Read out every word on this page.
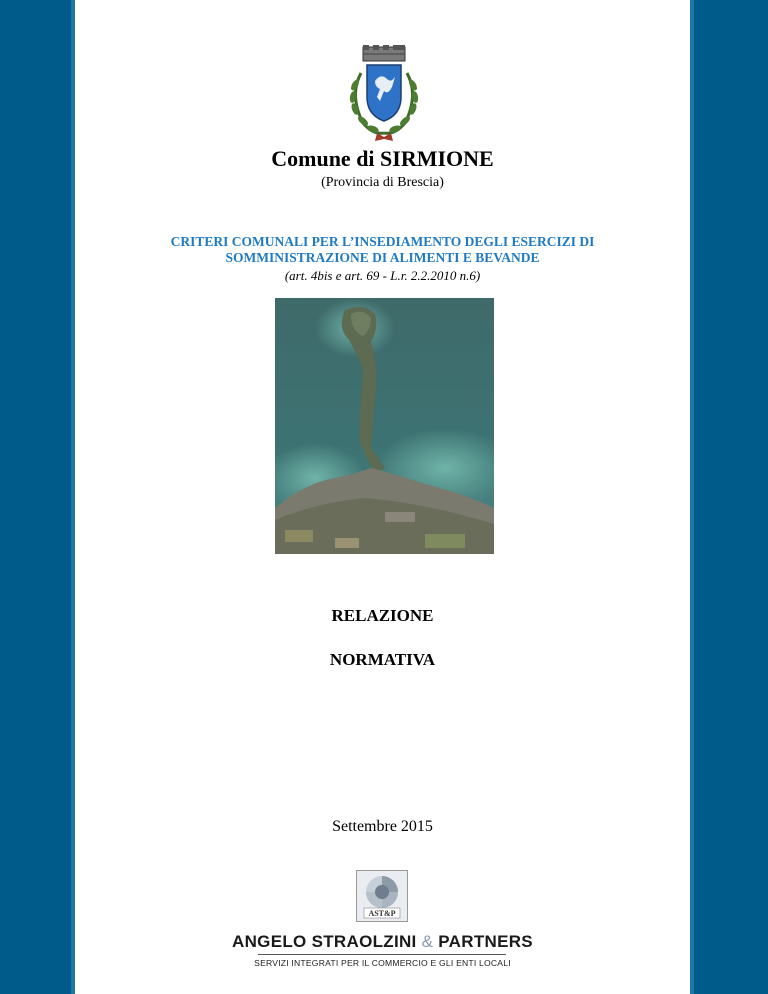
Comune di SIRMIONE
(Provincia di Brescia)
CRITERI COMUNALI PER L’INSEDIAMENTO DEGLI ESERCIZI DI
SOMMINISTRAZIONE DI ALIMENTI E BEVANDE
(art. 4bis e art. 69 - L.r. 2.2.2010 n.6)
RELAZIONE
NORMATIVA
Settembre 2015
AST&P
ANGELO STRAOLZINI & PARTNERS
SERVIZI INTEGRATI PER IL COMMERCIO E GLI ENTI LOCALI
